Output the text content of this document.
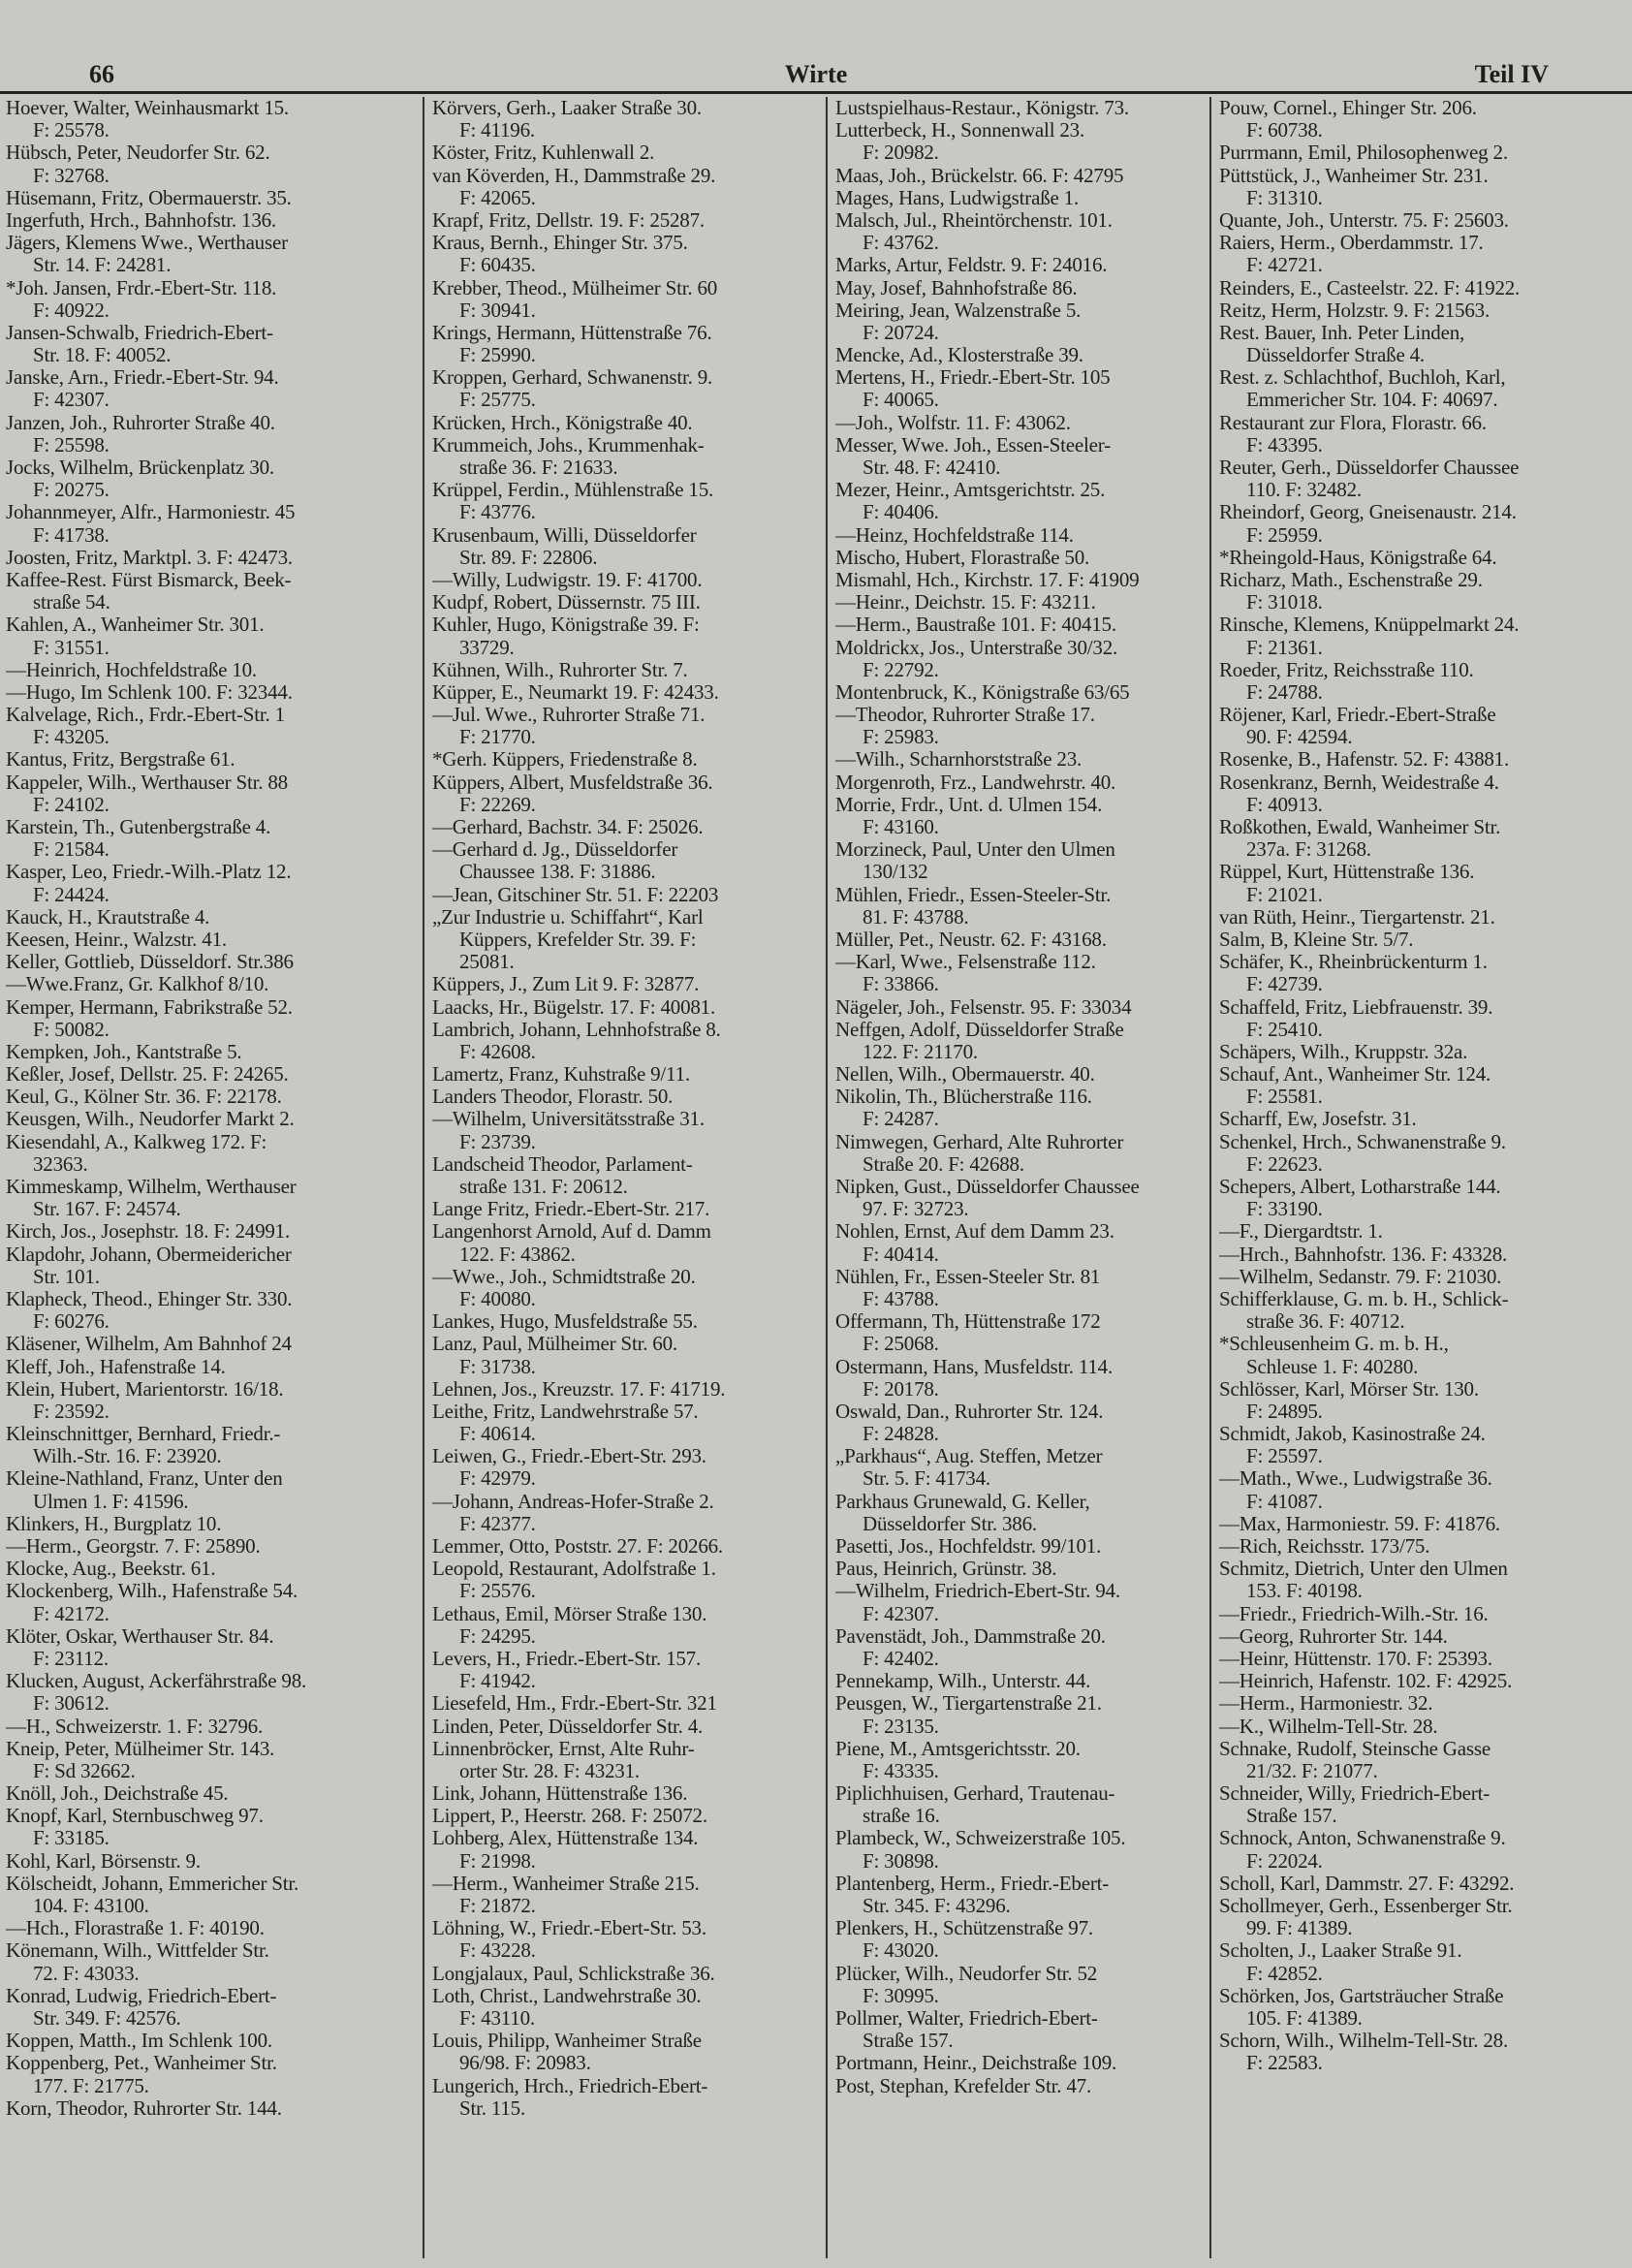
66	Wirte	Teil IV
Hoever, Walter, Weinhausmarkt 15.
F: 25578.
Hübsch, Peter, Neudorfer Str. 62.
F: 32768.
Hüsemann, Fritz, Obermauerstr. 35.
Ingerfuth, Hrch., Bahnhofstr. 136.
Jägers, Klemens Wwe., Werthauser
Str. 14. F: 24281.
*Joh. Jansen, Frdr.-Ebert-Str. 118.
F: 40922.
Jansen-Schwalb, Friedrich-Ebert-
Str. 18. F: 40052.
Janske, Arn., Friedr.-Ebert-Str. 94.
F: 42307.
Janzen, Joh., Ruhrorter Straße 40.
F: 25598.
Jocks, Wilhelm, Brückenplatz 30.
F: 20275.
Johannmeyer, Alfr., Harmoniestr. 45
F: 41738.
Joosten, Fritz, Marktpl. 3. F: 42473.
Kaffee-Rest. Fürst Bismarck, Beek-
straße 54.
Kahlen, A., Wanheimer Str. 301.
F: 31551.
—Heinrich, Hochfeldstraße 10.
—Hugo, Im Schlenk 100. F: 32344.
Kalvelage, Rich., Frdr.-Ebert-Str. 1
F: 43205.
Kantus, Fritz, Bergstraße 61.
Kappeler, Wilh., Werthauser Str. 88
F: 24102.
Karstein, Th., Gutenbergstraße 4.
F: 21584.
Kasper, Leo, Friedr.-Wilh.-Platz 12.
F: 24424.
Kauck, H., Krautstraße 4.
Keesen, Heinr., Walzstr. 41.
Keller, Gottlieb, Düsseldorf. Str.386
—Wwe.Franz, Gr. Kalkhof 8/10.
Kemper, Hermann, Fabrikstraße 52.
F: 50082.
Kempken, Joh., Kantstraße 5.
Keßler, Josef, Dellstr. 25. F: 24265.
Keul, G., Kölner Str. 36. F: 22178.
Keusgen, Wilh., Neudorfer Markt 2.
Kiesendahl, A., Kalkweg 172. F:
32363.
Kimmeskamp, Wilhelm, Werthauser
Str. 167. F: 24574.
Kirch, Jos., Josephstr. 18. F: 24991.
Klapdohr, Johann, Obermeidericher
Str. 101.
Klapheck, Theod., Ehinger Str. 330.
F: 60276.
Kläsener, Wilhelm, Am Bahnhof 24
Kleff, Joh., Hafenstraße 14.
Klein, Hubert, Marientorstr. 16/18.
F: 23592.
Kleinschnittger, Bernhard, Friedr.-
Wilh.-Str. 16. F: 23920.
Kleine-Nathland, Franz, Unter den
Ulmen 1. F: 41596.
Klinkers, H., Burgplatz 10.
—Herm., Georgstr. 7. F: 25890.
Klocke, Aug., Beekstr. 61.
Klockenberg, Wilh., Hafenstraße 54.
F: 42172.
Klöter, Oskar, Werthauser Str. 84.
F: 23112.
Klucken, August, Ackerfährstraße 98.
F: 30612.
—H., Schweizerstr. 1. F: 32796.
Kneip, Peter, Mülheimer Str. 143.
F: Sd 32662.
Knöll, Joh., Deichstraße 45.
Knopf, Karl, Sternbuschweg 97.
F: 33185.
Kohl, Karl, Börsenstr. 9.
Kölscheidt, Johann, Emmericher Str.
104. F: 43100.
—Hch., Florastraße 1. F: 40190.
Könemann, Wilh., Wittfelder Str.
72. F: 43033.
Konrad, Ludwig, Friedrich-Ebert-
Str. 349. F: 42576.
Koppen, Matth., Im Schlenk 100.
Koppenberg, Pet., Wanheimer Str.
177. F: 21775.
Korn, Theodor, Ruhrorter Str. 144.
Körvers, Gerh., Laaker Straße 30.
F: 41196.
Köster, Fritz, Kuhlenwall 2.
van Köverden, H., Dammstraße 29.
F: 42065.
Krapf, Fritz, Dellstr. 19. F: 25287.
Kraus, Bernh., Ehinger Str. 375.
F: 60435.
Krebber, Theod., Mülheimer Str. 60
F: 30941.
Krings, Hermann, Hüttenstraße 76.
F: 25990.
Kroppen, Gerhard, Schwanenstr. 9.
F: 25775.
Krücken, Hrch., Königstraße 40.
Krummeich, Johs., Krummenhak-
straße 36. F: 21633.
Krüppel, Ferdin., Mühlenstraße 15.
F: 43776.
Krusenbaum, Willi, Düsseldorfer
Str. 89. F: 22806.
—Willy, Ludwigstr. 19. F: 41700.
Kudpf, Robert, Düssernstr. 75 III.
Kuhler, Hugo, Königstraße 39. F:
33729.
Kühnen, Wilh., Ruhrorter Str. 7.
Küpper, E., Neumarkt 19. F: 42433.
—Jul. Wwe., Ruhrorter Straße 71.
F: 21770.
*Gerh. Küppers, Friedenstraße 8.
Küppers, Albert, Musfeldstraße 36.
F: 22269.
—Gerhard, Bachstr. 34. F: 25026.
—Gerhard d. Jg., Düsseldorfer
Chaussee 138. F: 31886.
—Jean, Gitschiner Str. 51. F: 22203
„Zur Industrie u. Schiffahrt“, Karl
Küppers, Krefelder Str. 39. F:
25081.
Küppers, J., Zum Lit 9. F: 32877.
Laacks, Hr., Bügelstr. 17. F: 40081.
Lambrich, Johann, Lehnhofstraße 8.
F: 42608.
Lamertz, Franz, Kuhstraße 9/11.
Landers Theodor, Florastr. 50.
—Wilhelm, Universitätsstraße 31.
F: 23739.
Landscheid Theodor, Parlament-
straße 131. F: 20612.
Lange Fritz, Friedr.-Ebert-Str. 217.
Langenhorst Arnold, Auf d. Damm
122. F: 43862.
—Wwe., Joh., Schmidtstraße 20.
F: 40080.
Lankes, Hugo, Musfeldstraße 55.
Lanz, Paul, Mülheimer Str. 60.
F: 31738.
Lehnen, Jos., Kreuzstr. 17. F: 41719.
Leithe, Fritz, Landwehrstraße 57.
F: 40614.
Leiwen, G., Friedr.-Ebert-Str. 293.
F: 42979.
—Johann, Andreas-Hofer-Straße 2.
F: 42377.
Lemmer, Otto, Poststr. 27. F: 20266.
Leopold, Restaurant, Adolfstraße 1.
F: 25576.
Lethaus, Emil, Mörser Straße 130.
F: 24295.
Levers, H., Friedr.-Ebert-Str. 157.
F: 41942.
Liesefeld, Hm., Frdr.-Ebert-Str. 321
Linden, Peter, Düsseldorfer Str. 4.
Linnenbröcker, Ernst, Alte Ruhr-
orter Str. 28. F: 43231.
Link, Johann, Hüttenstraße 136.
Lippert, P., Heerstr. 268. F: 25072.
Lohberg, Alex, Hüttenstraße 134.
F: 21998.
—Herm., Wanheimer Straße 215.
F: 21872.
Löhning, W., Friedr.-Ebert-Str. 53.
F: 43228.
Longjalaux, Paul, Schlickstraße 36.
Loth, Christ., Landwehrstraße 30.
F: 43110.
Louis, Philipp, Wanheimer Straße
96/98. F: 20983.
Lungerich, Hrch., Friedrich-Ebert-
Str. 115.
Lustspielhaus-Restaur., Königstr. 73.
Lutterbeck, H., Sonnenwall 23.
F: 20982.
Maas, Joh., Brückelstr. 66. F: 42795
Mages, Hans, Ludwigstraße 1.
Malsch, Jul., Rheintörchenstr. 101.
F: 43762.
Marks, Artur, Feldstr. 9. F: 24016.
May, Josef, Bahnhofstraße 86.
Meiring, Jean, Walzenstraße 5.
F: 20724.
Mencke, Ad., Klosterstraße 39.
Mertens, H., Friedr.-Ebert-Str. 105
F: 40065.
—Joh., Wolfstr. 11. F: 43062.
Messer, Wwe. Joh., Essen-Steeler-
Str. 48. F: 42410.
Mezer, Heinr., Amtsgerichtstr. 25.
F: 40406.
—Heinz, Hochfeldstraße 114.
Mischo, Hubert, Florastraße 50.
Mismahl, Hch., Kirchstr. 17. F: 41909
—Heinr., Deichstr. 15. F: 43211.
—Herm., Baustraße 101. F: 40415.
Moldrickx, Jos., Unterstraße 30/32.
F: 22792.
Montenbruck, K., Königstraße 63/65
—Theodor, Ruhrorter Straße 17.
F: 25983.
—Wilh., Scharnhorststraße 23.
Morgenroth, Frz., Landwehrstr. 40.
Morrie, Frdr., Unt. d. Ulmen 154.
F: 43160.
Morzineck, Paul, Unter den Ulmen
130/132
Mühlen, Friedr., Essen-Steeler-Str.
81. F: 43788.
Müller, Pet., Neustr. 62. F: 43168.
—Karl, Wwe., Felsenstraße 112.
F: 33866.
Nägeler, Joh., Felsenstr. 95. F: 33034
Neffgen, Adolf, Düsseldorfer Straße
122. F: 21170.
Nellen, Wilh., Obermauerstr. 40.
Nikolin, Th., Blücherstraße 116.
F: 24287.
Nimwegen, Gerhard, Alte Ruhrorter
Straße 20. F: 42688.
Nipken, Gust., Düsseldorfer Chaussee
97. F: 32723.
Nohlen, Ernst, Auf dem Damm 23.
F: 40414.
Nühlen, Fr., Essen-Steeler Str. 81
F: 43788.
Offermann, Th, Hüttenstraße 172
F: 25068.
Ostermann, Hans, Musfeldstr. 114.
F: 20178.
Oswald, Dan., Ruhrorter Str. 124.
F: 24828.
„Parkhaus“, Aug. Steffen, Metzer
Str. 5. F: 41734.
Parkhaus Grunewald, G. Keller,
Düsseldorfer Str. 386.
Pasetti, Jos., Hochfeldstr. 99/101.
Paus, Heinrich, Grünstr. 38.
—Wilhelm, Friedrich-Ebert-Str. 94.
F: 42307.
Pavenstädt, Joh., Dammstraße 20.
F: 42402.
Pennekamp, Wilh., Unterstr. 44.
Peusgen, W., Tiergartenstraße 21.
F: 23135.
Piene, M., Amtsgerichtsstr. 20.
F: 43335.
Piplichhuisen, Gerhard, Trautenau-
straße 16.
Plambeck, W., Schweizerstraße 105.
F: 30898.
Plantenberg, Herm., Friedr.-Ebert-
Str. 345. F: 43296.
Plenkers, H., Schützenstraße 97.
F: 43020.
Plücker, Wilh., Neudorfer Str. 52
F: 30995.
Pollmer, Walter, Friedrich-Ebert-
Straße 157.
Portmann, Heinr., Deichstraße 109.
Post, Stephan, Krefelder Str. 47.
Pouw, Cornel., Ehinger Str. 206.
F: 60738.
Purrmann, Emil, Philosophenweg 2.
Püttstück, J., Wanheimer Str. 231.
F: 31310.
Quante, Joh., Unterstr. 75. F: 25603.
Raiers, Herm., Oberdammstr. 17.
F: 42721.
Reinders, E., Casteelstr. 22. F: 41922.
Reitz, Herm, Holzstr. 9. F: 21563.
Rest. Bauer, Inh. Peter Linden,
Düsseldorfer Straße 4.
Rest. z. Schlachthof, Buchloh, Karl,
Emmericher Str. 104. F: 40697.
Restaurant zur Flora, Florastr. 66.
F: 43395.
Reuter, Gerh., Düsseldorfer Chaussee
110. F: 32482.
Rheindorf, Georg, Gneisenaustr. 214.
F: 25959.
*Rheingold-Haus, Königstraße 64.
Richarz, Math., Eschenstraße 29.
F: 31018.
Rinsche, Klemens, Knüppelmarkt 24.
F: 21361.
Roeder, Fritz, Reichsstraße 110.
F: 24788.
Röjener, Karl, Friedr.-Ebert-Straße
90. F: 42594.
Rosenke, B., Hafenstr. 52. F: 43881.
Rosenkranz, Bernh, Weidestraße 4.
F: 40913.
Roßkothen, Ewald, Wanheimer Str.
237a. F: 31268.
Rüppel, Kurt, Hüttenstraße 136.
F: 21021.
van Rüth, Heinr., Tiergartenstr. 21.
Salm, B, Kleine Str. 5/7.
Schäfer, K., Rheinbrückenturm 1.
F: 42739.
Schaffeld, Fritz, Liebfrauenstr. 39.
F: 25410.
Schäpers, Wilh., Kruppstr. 32a.
Schauf, Ant., Wanheimer Str. 124.
F: 25581.
Scharff, Ew, Josefstr. 31.
Schenkel, Hrch., Schwanenstraße 9.
F: 22623.
Schepers, Albert, Lotharstraße 144.
F: 33190.
—F., Diergardtstr. 1.
—Hrch., Bahnhofstr. 136. F: 43328.
—Wilhelm, Sedanstr. 79. F: 21030.
Schifferklause, G. m. b. H., Schlick-
straße 36. F: 40712.
*Schleusenheim G. m. b. H.,
Schleuse 1. F: 40280.
Schlösser, Karl, Mörser Str. 130.
F: 24895.
Schmidt, Jakob, Kasinostraße 24.
F: 25597.
—Math., Wwe., Ludwigstraße 36.
F: 41087.
—Max, Harmoniestr. 59. F: 41876.
—Rich, Reichsstr. 173/75.
Schmitz, Dietrich, Unter den Ulmen
153. F: 40198.
—Friedr., Friedrich-Wilh.-Str. 16.
—Georg, Ruhrorter Str. 144.
—Heinr, Hüttenstr. 170. F: 25393.
—Heinrich, Hafenstr. 102. F: 42925.
—Herm., Harmoniestr. 32.
—K., Wilhelm-Tell-Str. 28.
Schnake, Rudolf, Steinsche Gasse
21/32. F: 21077.
Schneider, Willy, Friedrich-Ebert-
Straße 157.
Schnock, Anton, Schwanenstraße 9.
F: 22024.
Scholl, Karl, Dammstr. 27. F: 43292.
Schollmeyer, Gerh., Essenberger Str.
99. F: 41389.
Scholten, J., Laaker Straße 91.
F: 42852.
Schörken, Jos, Gartsträucher Straße
105. F: 41389.
Schorn, Wilh., Wilhelm-Tell-Str. 28.
F: 22583.
